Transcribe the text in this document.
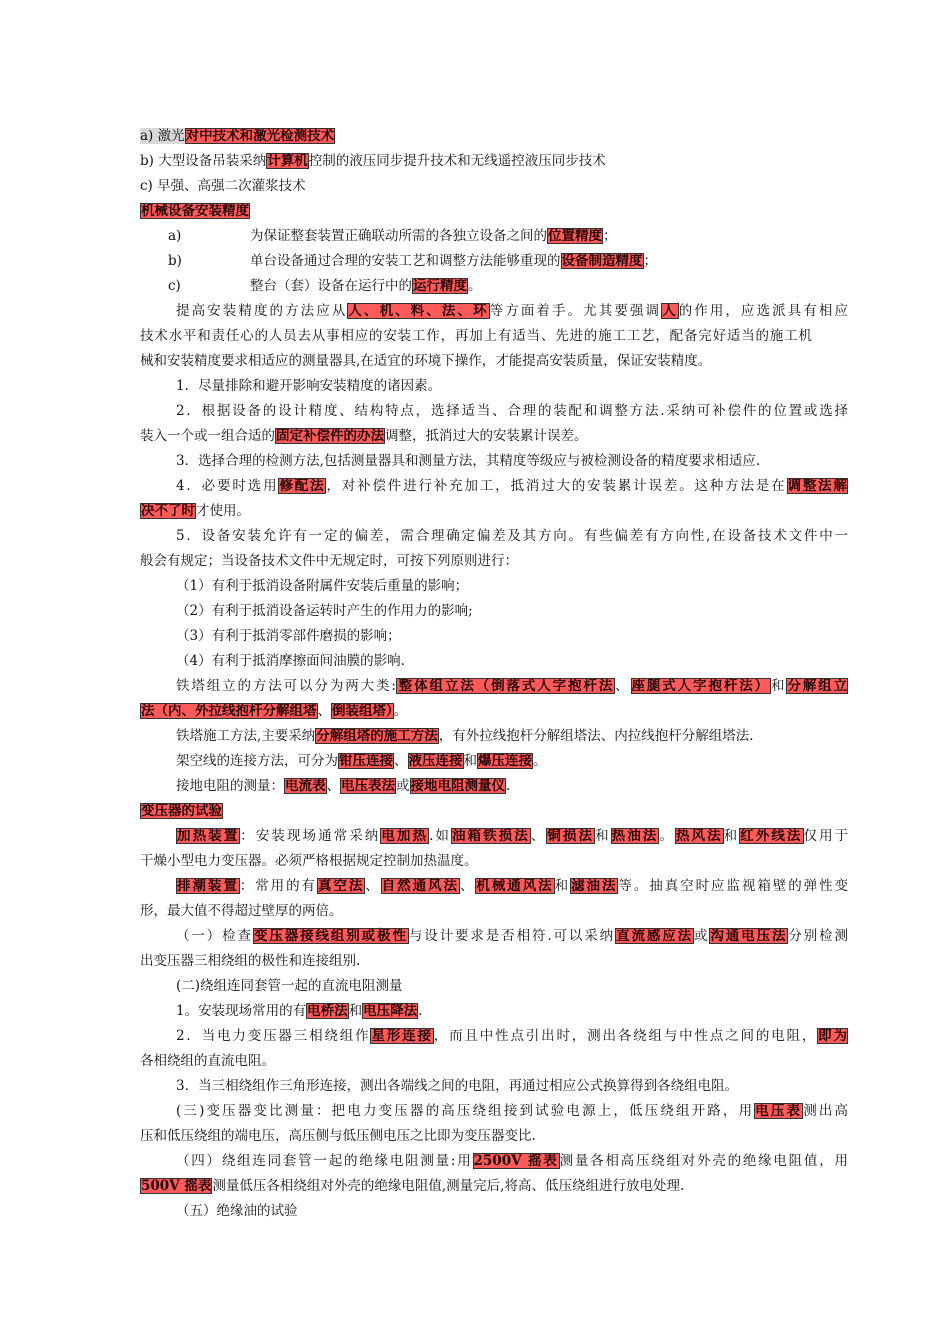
a) 激光对中技术和激光检测技术
b) 大型设备吊装采纳计算机控制的液压同步提升技术和无线遥控液压同步技术
c) 早强、高强二次灌浆技术
机械设备安装精度
a)	为保证整套装置正确联动所需的各独立设备之间的位置精度；
b)	单台设备通过合理的安装工艺和调整方法能够重现的设备制造精度；
c)	整台（套）设备在运行中的运行精度。
提高安装精度的方法应从人、机、料、法、环等方面着手。尤其要强调人的作用，应选派具有相应
技术水平和责任心的人员去从事相应的安装工作，再加上有适当、先进的施工工艺，配备完好适当的施工机
械和安装精度要求相适应的测量器具,在适宜的环境下操作，才能提高安装质量，保证安装精度。
1．尽量排除和避开影响安装精度的诸因素。
2．根据设备的设计精度、结构特点，选择适当、合理的装配和调整方法.采纳可补偿件的位置或选择
装入一个或一组合适的固定补偿件的办法调整，抵消过大的安装累计误差。
3．选择合理的检测方法,包括测量器具和测量方法，其精度等级应与被检测设备的精度要求相适应.
4．必要时选用修配法，对补偿件进行补充加工，抵消过大的安装累计误差。这种方法是在调整法解
决不了时才使用。
5．设备安装允许有一定的偏差，需合理确定偏差及其方向。有些偏差有方向性,在设备技术文件中一
般会有规定；当设备技术文件中无规定时，可按下列原则进行：
（1）有利于抵消设备附属件安装后重量的影响；
（2）有利于抵消设备运转时产生的作用力的影响;
（3）有利于抵消零部件磨损的影响；
（4）有利于抵消摩擦面间油膜的影响.
铁塔组立的方法可以分为两大类:整体组立法（倒落式人字抱杆法、座腿式人字抱杆法）和分解组立
法（内、外拉线抱杆分解组塔、倒装组塔）。
铁塔施工方法,主要采纳分解组塔的施工方法，有外拉线抱杆分解组塔法、内拉线抱杆分解组塔法.
架空线的连接方法，可分为钳压连接、液压连接和爆压连接。
接地电阻的测量：电流表、电压表法或接地电阻测量仪.
变压器的试验
加热装置：安装现场通常采纳电加热.如油箱铁损法、铜损法和热油法。热风法和红外线法仅用于
干燥小型电力变压器。必须严格根据规定控制加热温度。
排潮装置：常用的有真空法、自然通风法、机械通风法和滤油法等。抽真空时应监视箱壁的弹性变
形，最大值不得超过壁厚的两倍。
（一）检查变压器接线组别或极性与设计要求是否相符.可以采纳直流感应法或沟通电压法分别检测
出变压器三相绕组的极性和连接组别.
(二)绕组连同套管一起的直流电阻测量
1。安装现场常用的有电桥法和电压降法.
2．当电力变压器三相绕组作星形连接，而且中性点引出时，测出各绕组与中性点之间的电阻，即为
各相绕组的直流电阻。
3．当三相绕组作三角形连接，测出各端线之间的电阻，再通过相应公式换算得到各绕组电阻。
(三)变压器变比测量：把电力变压器的高压绕组接到试验电源上，低压绕组开路，用电压表测出高
压和低压绕组的端电压，高压侧与低压侧电压之比即为变压器变比.
（四）绕组连同套管一起的绝缘电阻测量:用2500V 摇表测量各相高压绕组对外壳的绝缘电阻值，用
500V 摇表测量低压各相绕组对外壳的绝缘电阻值,测量完后,将高、低压绕组进行放电处理.
（五）绝缘油的试验
